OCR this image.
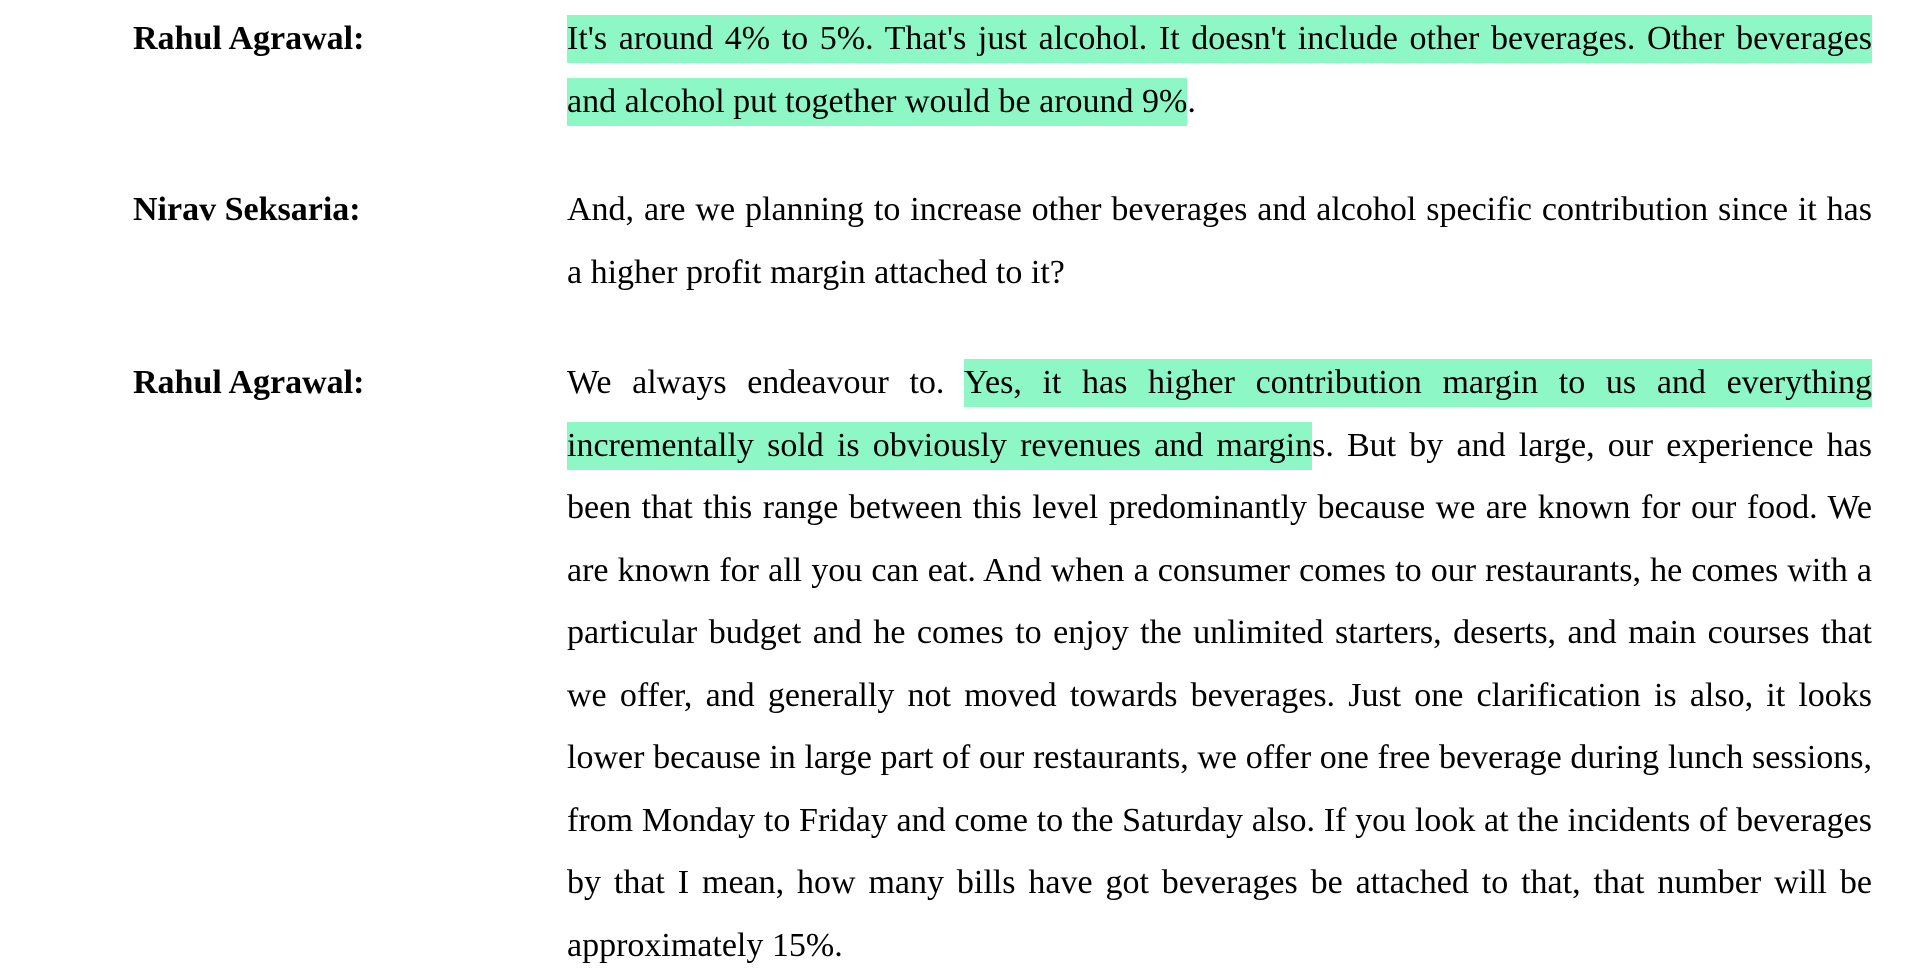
Rahul Agrawal:	It's around 4% to 5%. That's just alcohol. It doesn't include other beverages. Other beverages and alcohol put together would be around 9%.

Nirav Seksaria:	And, are we planning to increase other beverages and alcohol specific contribution since it has a higher profit margin attached to it?

Rahul Agrawal:	We always endeavour to. Yes, it has higher contribution margin to us and everything incrementally sold is obviously revenues and margins. But by and large, our experience has been that this range between this level predominantly because we are known for our food. We are known for all you can eat. And when a consumer comes to our restaurants, he comes with a particular budget and he comes to enjoy the unlimited starters, deserts, and main courses that we offer, and generally not moved towards beverages. Just one clarification is also, it looks lower because in large part of our restaurants, we offer one free beverage during lunch sessions, from Monday to Friday and come to the Saturday also. If you look at the incidents of beverages by that I mean, how many bills have got beverages be attached to that, that number will be approximately 15%.
